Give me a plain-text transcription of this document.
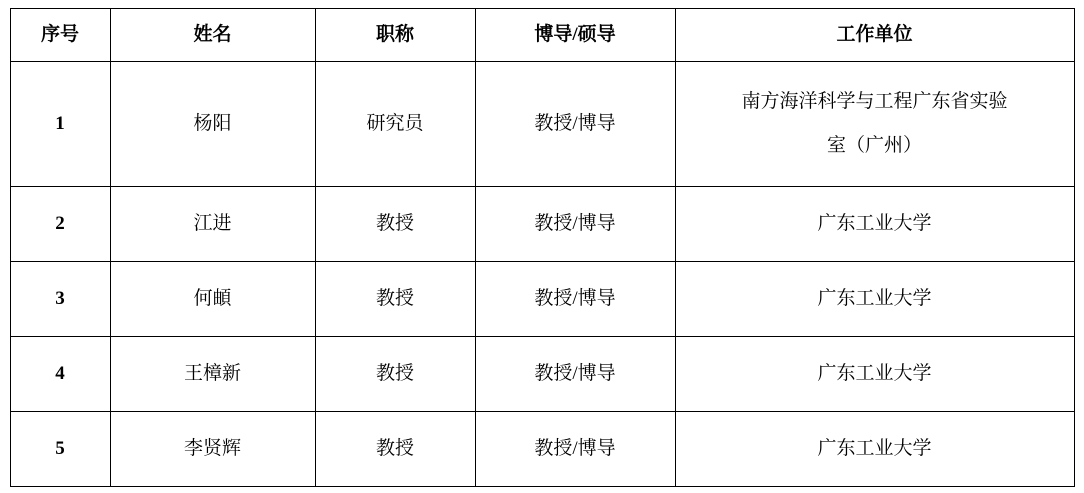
序号	姓名	职称	博导/硕导	工作单位
1	杨阳	研究员	教授/博导	南方海洋科学与工程广东省实验
室（广州）

2	江进	教授	教授/博导	广东工业大学
3	何頔	教授	教授/博导	广东工业大学
4	王樟新	教授	教授/博导	广东工业大学
5	李贤辉	教授	教授/博导	广东工业大学
